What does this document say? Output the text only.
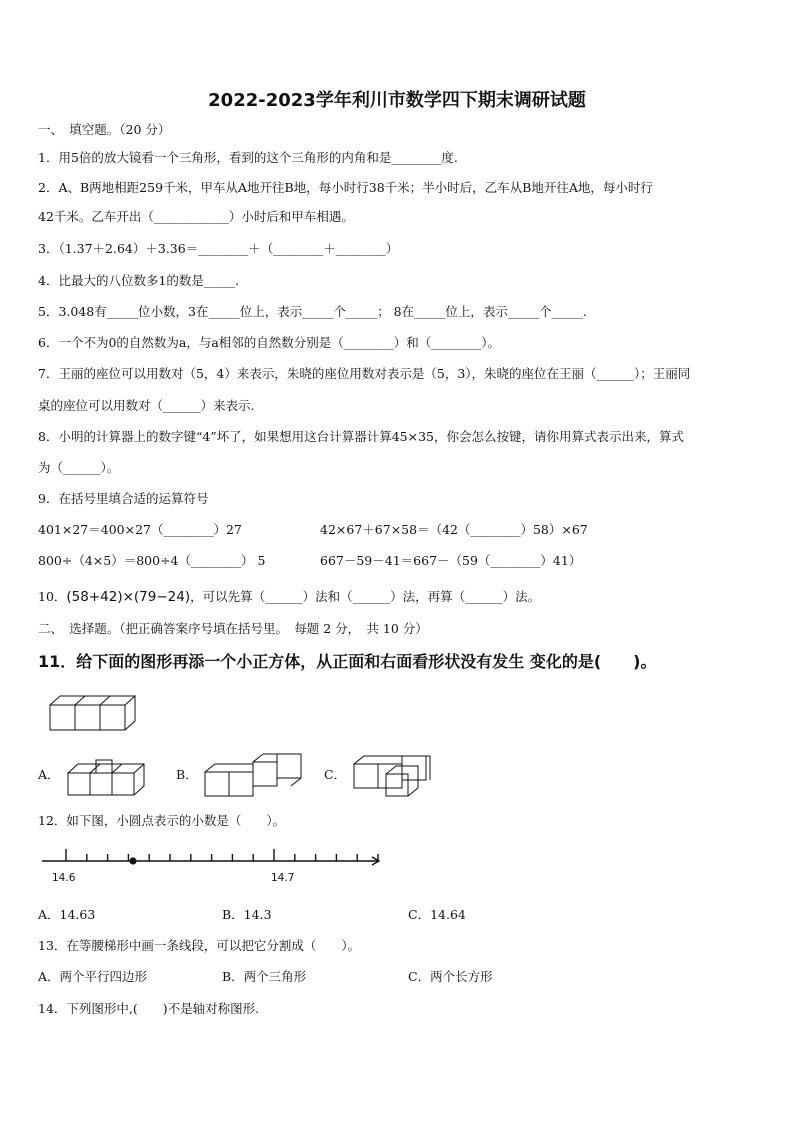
2022-2023学年利川市数学四下期末调研试题
一、　填空题。（20 分）
1．用5倍的放大镜看一个三角形，看到的这个三角形的内角和是________度.
2．A、B两地相距259千米，甲车从A地开往B地，每小时行38千米；半小时后，乙车从B地开往A地，每小时行
42千米。乙车开出（____________）小时后和甲车相遇。
3．（1.37＋2.64）＋3.36＝________＋（________＋________）
4．比最大的八位数多1的数是_____.
5．3.048有_____位小数，3在_____位上，表示_____个_____； 8在_____位上，表示_____个_____.
6．一个不为0的自然数为a，与a相邻的自然数分别是（________）和（________）。
7．王丽的座位可以用数对（5，4）来表示，朱晓的座位用数对表示是（5，3），朱晓的座位在王丽（______）；王丽同
桌的座位可以用数对（______）来表示.
8．小明的计算器上的数字键“4”坏了，如果想用这台计算器计算45×35，你会怎么按键，请你用算式表示出来，算式
为（______）。
9．在括号里填合适的运算符号
401×27＝400×27（________）27	42×67＋67×58＝（42（________）58）×67
800÷（4×5）＝800÷4（________） 5	667－59－41＝667－（59（________）41）
10．(58+42)×(79−24)，可以先算（______）法和（______）法，再算（______）法。
二、　选择题。（把正确答案序号填在括号里。　每题 2 分，　共 10 分）
11．给下面的图形再添一个小正方体，从正面和右面看形状没有发生 变化的是(　　)。
A．	B．	C．
12．如下图，小圆点表示的小数是（　　）。
14.6	14.7
A．14.63	B．14.3	C．14.64
13．在等腰梯形中画一条线段，可以把它分割成（　　）。
A．两个平行四边形	B．两个三角形	C．两个长方形
14．下列图形中,(　　)不是轴对称图形.
